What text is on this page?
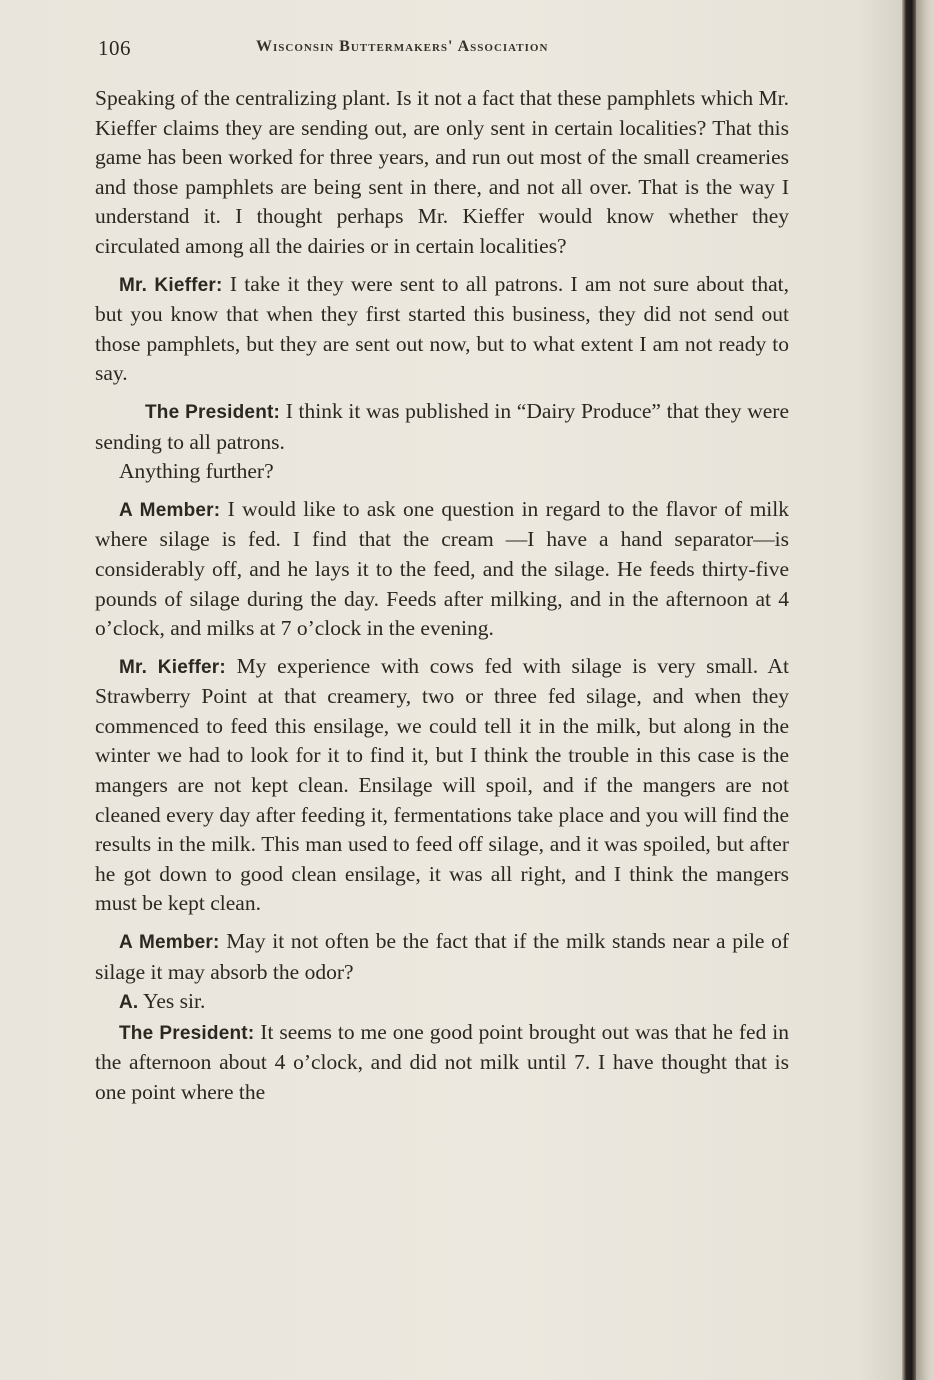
106	Wisconsin Buttermakers' Association

Speaking of the centralizing plant. Is it not a fact that these pamphlets which Mr. Kieffer claims they are sending out, are only sent in certain localities? That this game has been worked for three years, and run out most of the small creameries and those pamphlets are being sent in there, and not all over. That is the way I understand it. I thought perhaps Mr. Kieffer would know whether they circulated among all the dairies or in certain localities?

Mr. Kieffer: I take it they were sent to all patrons. I am not sure about that, but you know that when they first started this business, they did not send out those pamphlets, but they are sent out now, but to what extent I am not ready to say.

The President: I think it was published in “Dairy Produce” that they were sending to all patrons.

Anything further?

A Member: I would like to ask one question in regard to the flavor of milk where silage is fed. I find that the cream —I have a hand separator—is considerably off, and he lays it to the feed, and the silage. He feeds thirty-five pounds of silage during the day. Feeds after milking, and in the afternoon at 4 o’clock, and milks at 7 o’clock in the evening.

Mr. Kieffer: My experience with cows fed with silage is very small. At Strawberry Point at that creamery, two or three fed silage, and when they commenced to feed this ensilage, we could tell it in the milk, but along in the winter we had to look for it to find it, but I think the trouble in this case is the mangers are not kept clean. Ensilage will spoil, and if the mangers are not cleaned every day after feeding it, fermentations take place and you will find the results in the milk. This man used to feed off silage, and it was spoiled, but after he got down to good clean ensilage, it was all right, and I think the mangers must be kept clean.

A Member: May it not often be the fact that if the milk stands near a pile of silage it may absorb the odor?

A. Yes sir.

The President: It seems to me one good point brought out was that he fed in the afternoon about 4 o’clock, and did not milk until 7. I have thought that is one point where the
